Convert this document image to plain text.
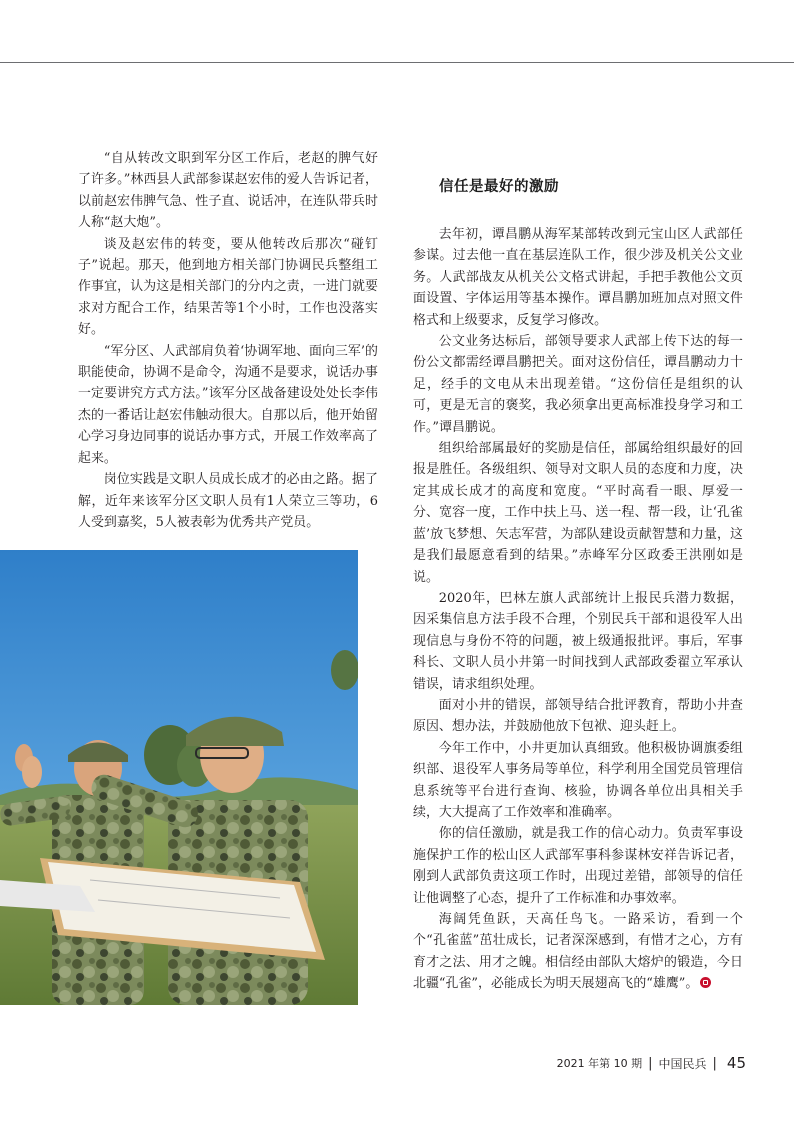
“自从转改文职到军分区工作后，老赵的脾气好了许多。”林西县人武部参谋赵宏伟的爱人告诉记者，以前赵宏伟脾气急、性子直、说话冲，在连队带兵时人称“赵大炮”。

谈及赵宏伟的转变，要从他转改后那次“碰钉子”说起。那天，他到地方相关部门协调民兵整组工作事宜，认为这是相关部门的分内之责，一进门就要求对方配合工作，结果苦等1个小时，工作也没落实好。

“军分区、人武部肩负着‘协调军地、面向三军’的职能使命，协调不是命令，沟通不是要求，说话办事一定要讲究方式方法。”该军分区战备建设处处长李伟杰的一番话让赵宏伟触动很大。自那以后，他开始留心学习身边同事的说话办事方式，开展工作效率高了起来。

岗位实践是文职人员成长成才的必由之路。据了解，近年来该军分区文职人员有1人荣立三等功，6人受到嘉奖，5人被表彰为优秀共产党员。

信任是最好的激励

去年初，谭昌鹏从海军某部转改到元宝山区人武部任参谋。过去他一直在基层连队工作，很少涉及机关公文业务。人武部战友从机关公文格式讲起，手把手教他公文页面设置、字体运用等基本操作。谭昌鹏加班加点对照文件格式和上级要求，反复学习修改。

公文业务达标后，部领导要求人武部上传下达的每一份公文都需经谭昌鹏把关。面对这份信任，谭昌鹏动力十足，经手的文电从未出现差错。“这份信任是组织的认可，更是无言的褒奖，我必须拿出更高标准投身学习和工作。”谭昌鹏说。

组织给部属最好的奖励是信任，部属给组织最好的回报是胜任。各级组织、领导对文职人员的态度和力度，决定其成长成才的高度和宽度。“平时高看一眼、厚爱一分、宽容一度，工作中扶上马、送一程、帮一段，让‘孔雀蓝’放飞梦想、矢志军营，为部队建设贡献智慧和力量，这是我们最愿意看到的结果。”赤峰军分区政委王洪刚如是说。

2020年，巴林左旗人武部统计上报民兵潜力数据，因采集信息方法手段不合理，个别民兵干部和退役军人出现信息与身份不符的问题，被上级通报批评。事后，军事科长、文职人员小井第一时间找到人武部政委翟立军承认错误，请求组织处理。

面对小井的错误，部领导结合批评教育，帮助小井查原因、想办法，并鼓励他放下包袱、迎头赶上。

今年工作中，小井更加认真细致。他积极协调旗委组织部、退役军人事务局等单位，科学利用全国党员管理信息系统等平台进行查询、核验，协调各单位出具相关手续，大大提高了工作效率和准确率。

你的信任激励，就是我工作的信心动力。负责军事设施保护工作的松山区人武部军事科参谋林安祥告诉记者，刚到人武部负责这项工作时，出现过差错，部领导的信任让他调整了心态，提升了工作标准和办事效率。

海阔凭鱼跃，天高任鸟飞。一路采访，看到一个个“孔雀蓝”茁壮成长，记者深深感到，有惜才之心，方有育才之法、用才之魄。相信经由部队大熔炉的锻造，今日北疆“孔雀”，必能成长为明天展翅高飞的“雄鹰”。

2021 年第 10 期 | 中国民兵 | 45
